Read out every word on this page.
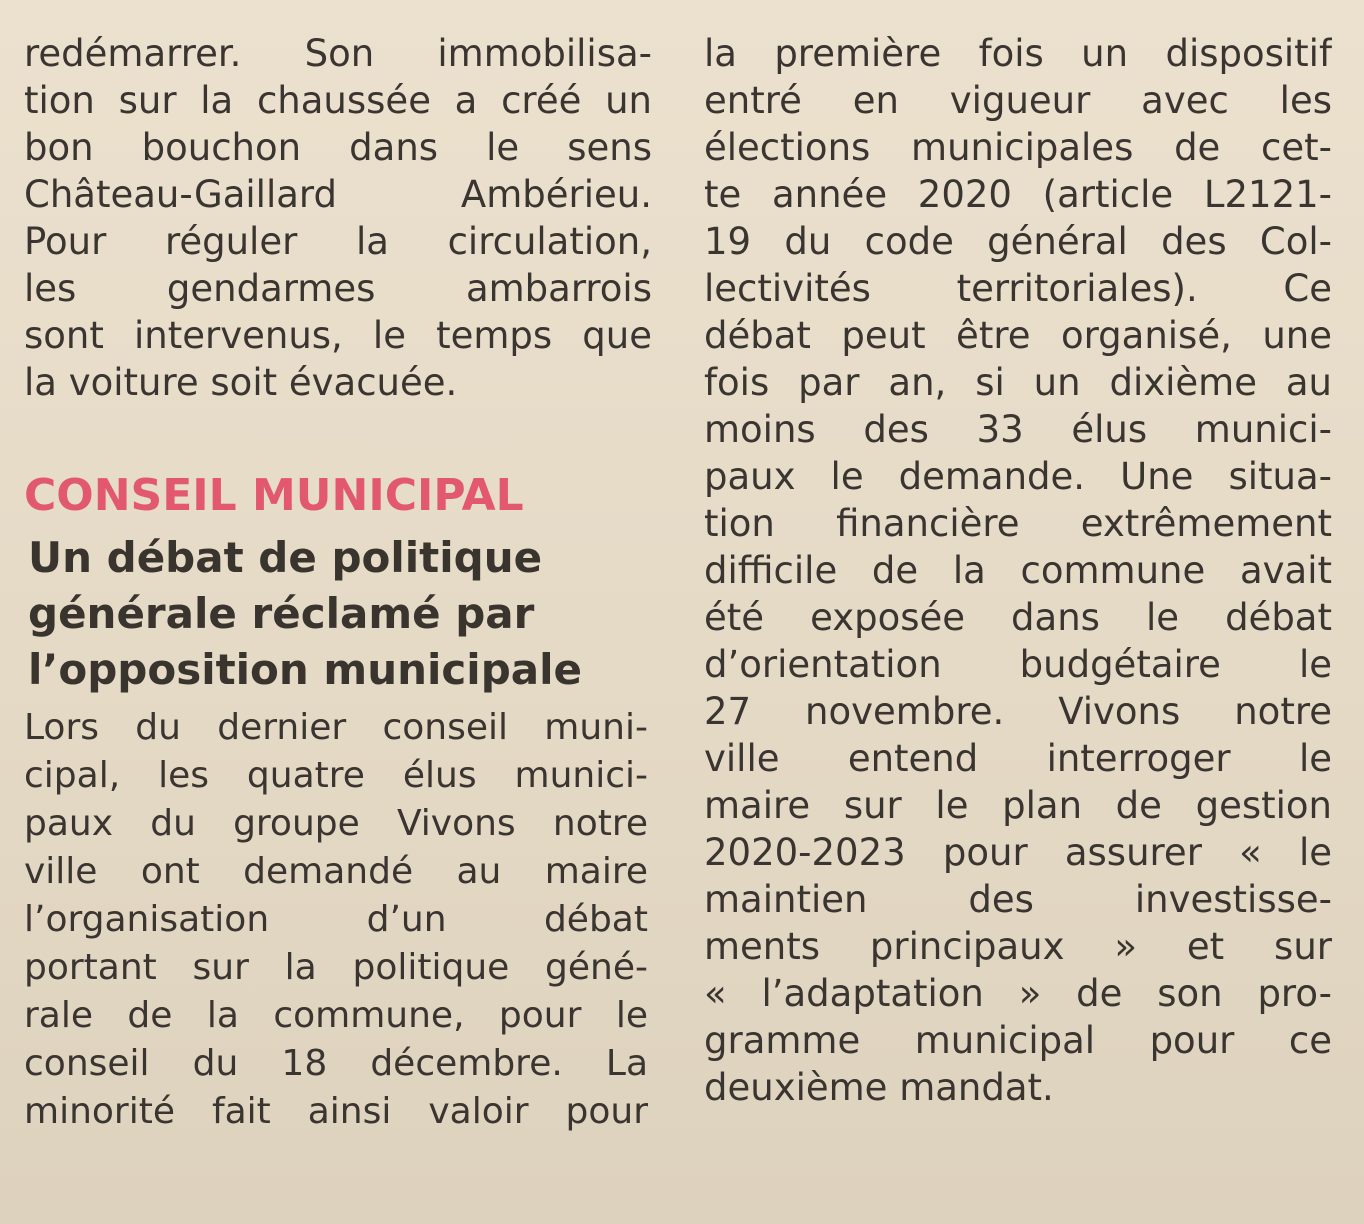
redémarrer. Son immobilisa-
tion sur la chaussée a créé un
bon bouchon dans le sens
Château-Gaillard Ambérieu.
Pour réguler la circulation,
les gendarmes ambarrois
sont intervenus, le temps que
la voiture soit évacuée.
CONSEIL MUNICIPAL
Un débat de politique
générale réclamé par
l’opposition municipale
Lors du dernier conseil muni-
cipal, les quatre élus munici-
paux du groupe Vivons notre
ville ont demandé au maire
l’organisation d’un débat
portant sur la politique géné-
rale de la commune, pour le
conseil du 18 décembre. La
minorité fait ainsi valoir pour
la première fois un dispositif
entré en vigueur avec les
élections municipales de cet-
te année 2020 (article L2121-
19 du code général des Col-
lectivités territoriales). Ce
débat peut être organisé, une
fois par an, si un dixième au
moins des 33 élus munici-
paux le demande. Une situa-
tion financière extrêmement
difficile de la commune avait
été exposée dans le débat
d’orientation budgétaire le
27 novembre. Vivons notre
ville entend interroger le
maire sur le plan de gestion
2020-2023 pour assurer « le
maintien des investisse-
ments principaux » et sur
« l’adaptation » de son pro-
gramme municipal pour ce
deuxième mandat.
